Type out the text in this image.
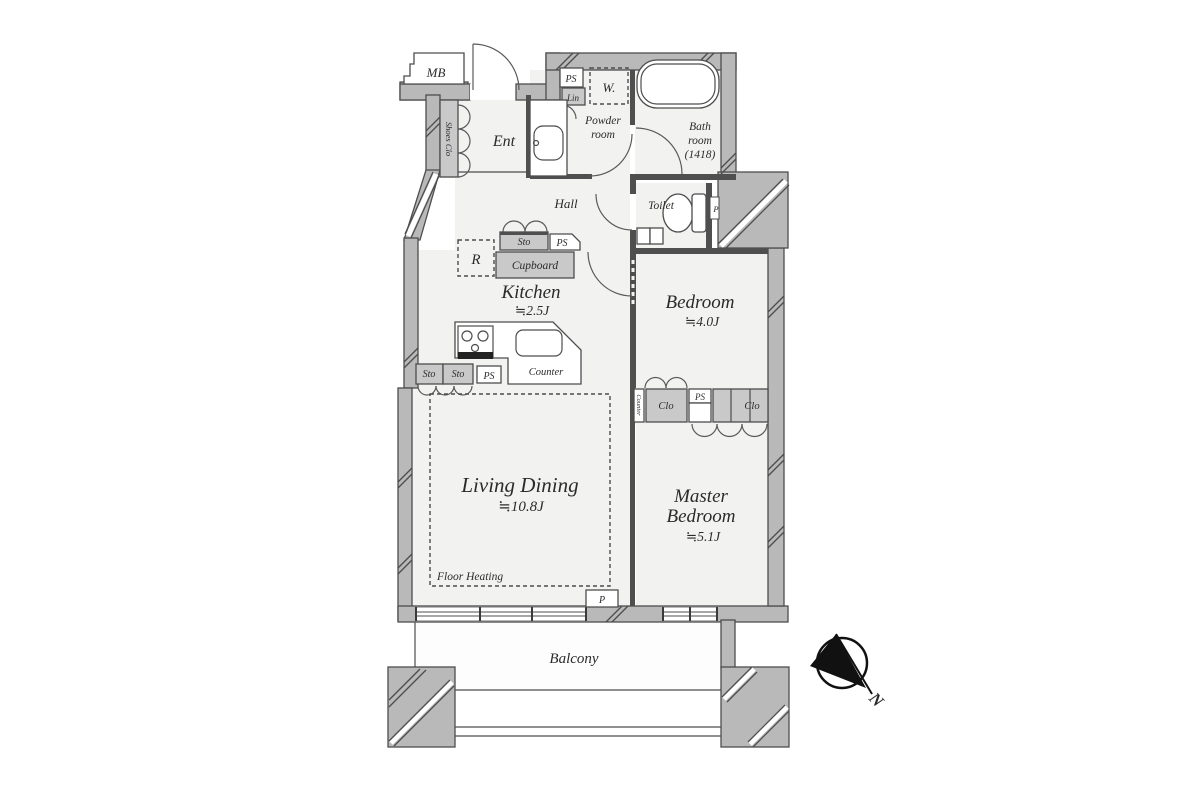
MB
Ent
Shoes Clo
PS
Lin
W.
Powder
room
Bath
room
(1418)
Hall	Toilet
Sto	PS
R	Cupboard
Kitchen
≒2.5J
Counter
Sto Sto PS
Bedroom
≒4.0J
Counter Clo
PS
Clo
Living Dining
≒10.8J
Floor Heating
Master
Bedroom
≒5.1J
P
P
Balcony
N
